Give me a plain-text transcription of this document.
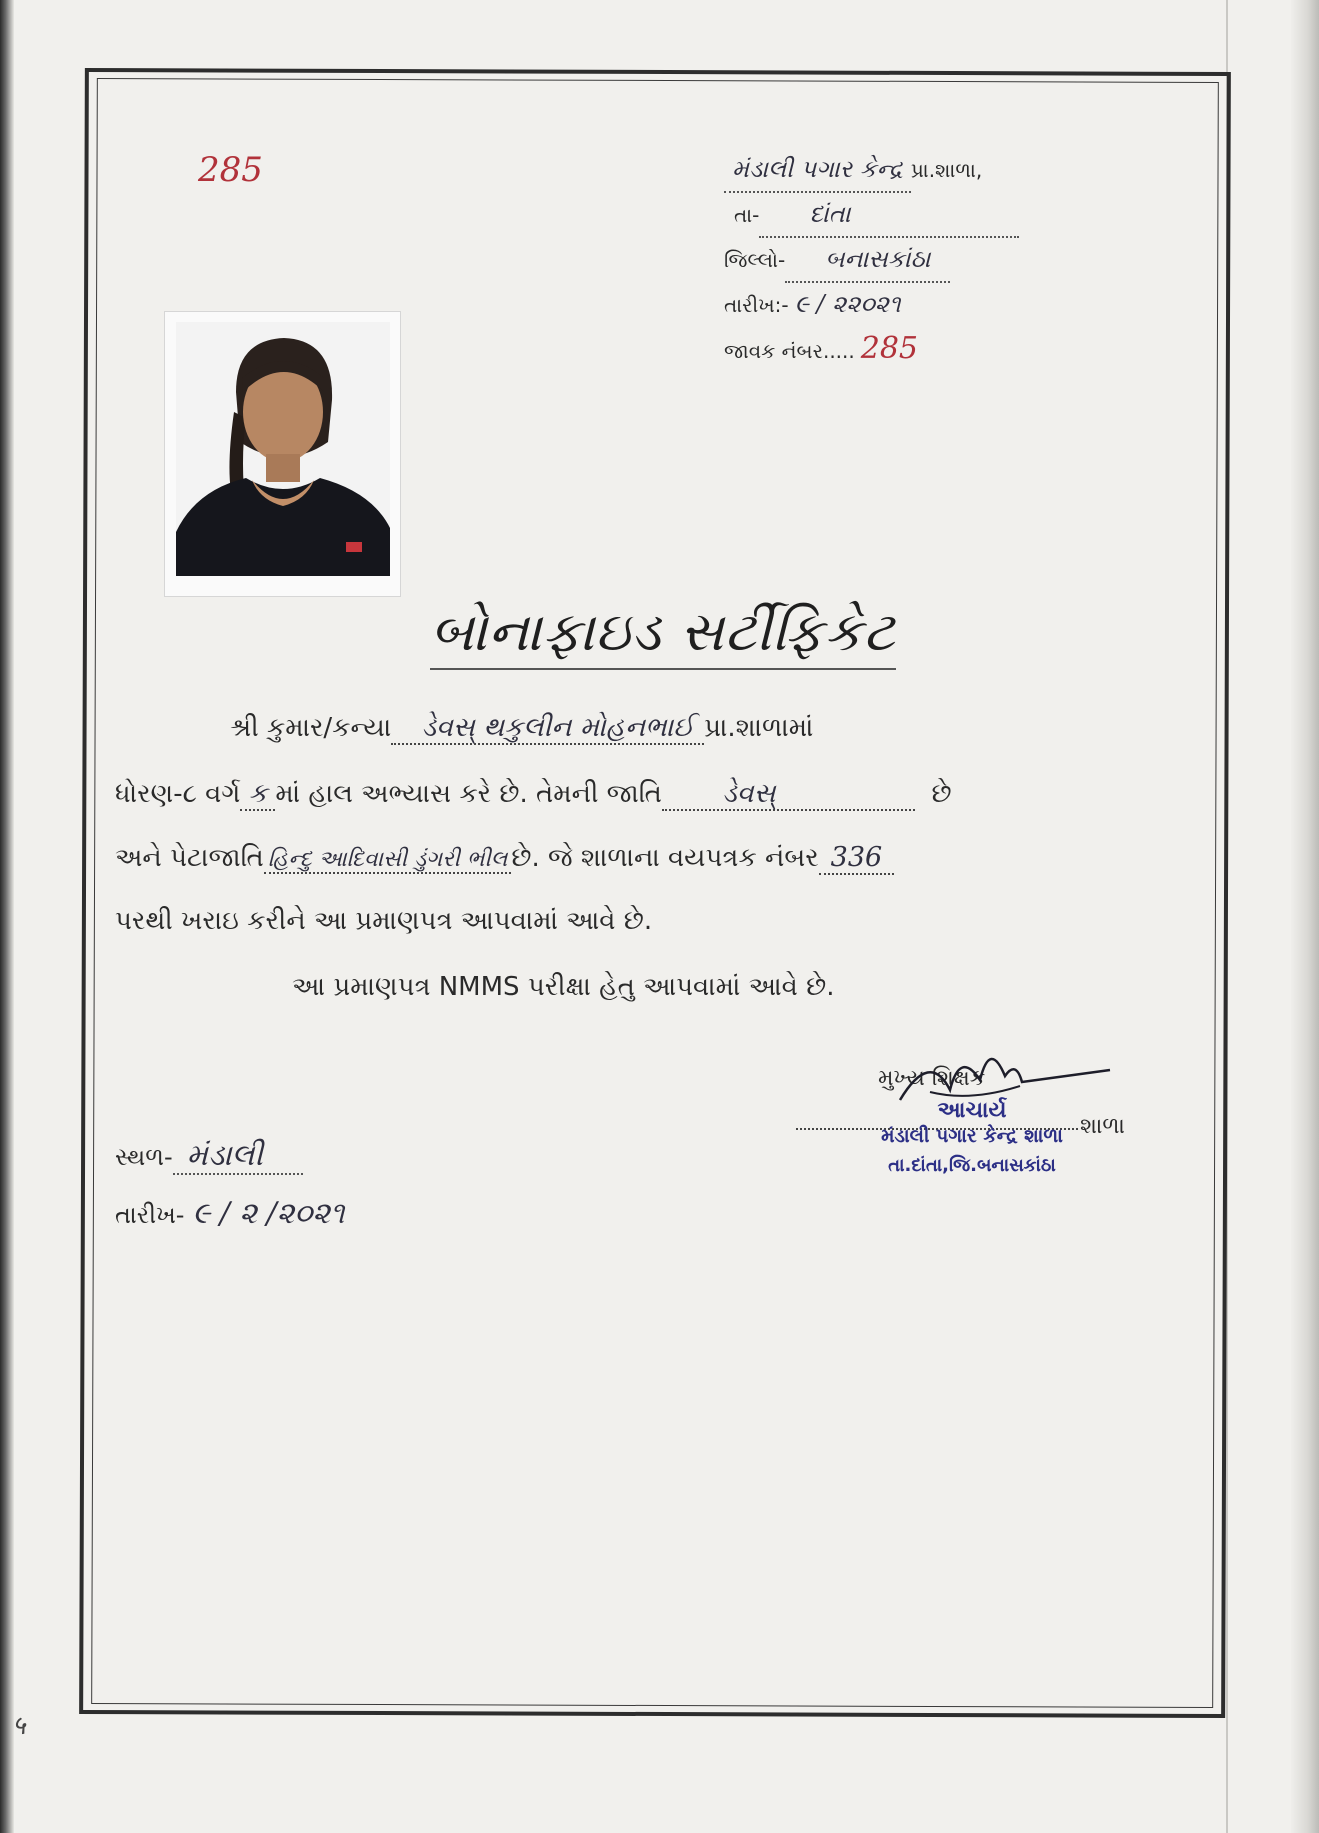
285	મંડાલી પગાર કેન્દ્ર પ્રા.શાળા,
તા-	દાંતા
જિલ્લો-	બનાસકાંઠા
તારીખ:- ૯ / ૨૨૦૨૧
જાવક નંબર..... 285
બોનાફાઇડ સર્ટીફિકેટ
શ્રી કુમાર/કન્યા ડેવસ્ થકુલીન મોહનભાઈ પ્રા.શાળામાં
ધોરણ-૮ વર્ગ ક માં હાલ અભ્યાસ કરે છે. તેમની જાતિ ડેવસ્	છે
અને પેટાજાતિ હિન્દુ આદિવાસી ડુંગરી ભીલ છે. જે શાળાના વયપત્રક નંબર 336
પરથી ખરાઇ કરીને આ પ્રમાણપત્ર આપવામાં આવે છે.
આ પ્રમાણપત્ર NMMS પરીક્ષા હેતુ આપવામાં આવે છે.
મુખ્ય શિક્ષક
શાળા
આચાર્ય
મંડાલી પગાર કેન્દ્ર શાળા
તા.દાંતા,જિ.બનાસકાંઠા
સ્થળ- મંડાલી
તારીખ- ૯ / ૨ /૨૦૨૧
५
